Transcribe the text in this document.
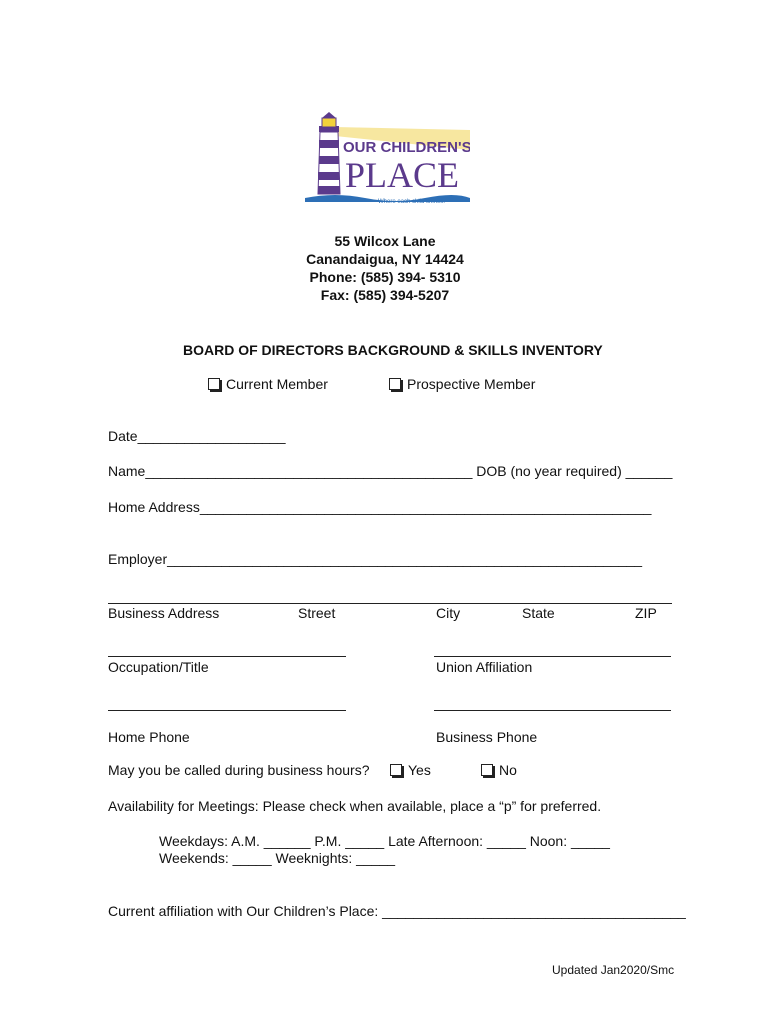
OUR CHILDREN'S
PLACE
Where each child shines.
55 Wilcox Lane
Canandaigua, NY 14424
Phone: (585) 394- 5310
Fax: (585) 394-5207
BOARD OF DIRECTORS BACKGROUND & SKILLS INVENTORY
Current Member	Prospective Member
Date___________________
Name__________________________________________ DOB (no year required) ______
Home Address__________________________________________________________
Employer_____________________________________________________________
Business Address	Street	City	State	ZIP
Occupation/Title	Union Affiliation
Home Phone	Business Phone
May you be called during business hours?	Yes	No
Availability for Meetings: Please check when available, place a “p” for preferred.
Weekdays: A.M. ______ P.M. _____ Late Afternoon: _____ Noon: _____
Weekends: _____ Weeknights: _____
Current affiliation with Our Children’s Place: _______________________________________
Updated Jan2020/Smc
